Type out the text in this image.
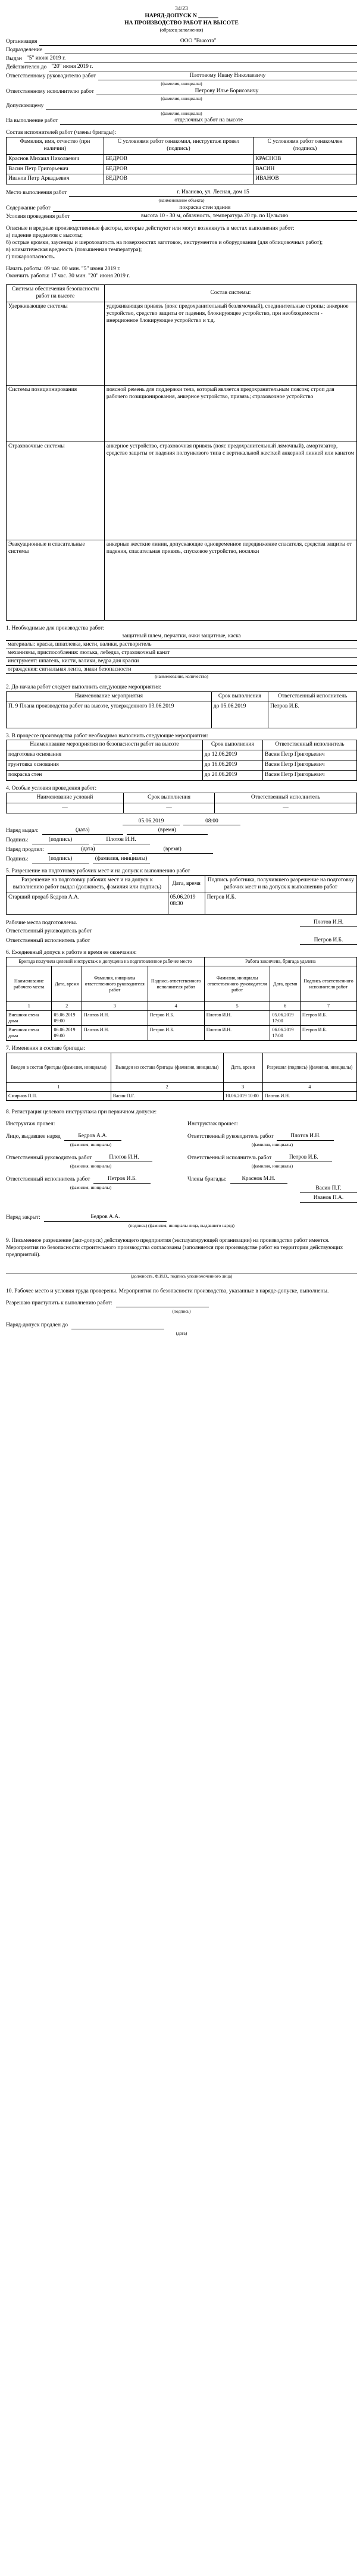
34/23
НАРЯД-ДОПУСК N _______
НА ПРОИЗВОДСТВО РАБОТ НА ВЫСОТЕ
(образец заполнения)
Организация	ООО "Высота"
Подразделение
Выдан "5" июня 2019 г.
Действителен до "20" июня 2019 г.
Ответственному руководителю работ	Плотовому Ивану Николаевичу
(фамилия, инициалы)
Ответственному исполнителю работ	Петрову Илье Борисовичу
(фамилия, инициалы)
Допускающему
(фамилия, инициалы)
На выполнение работ	отделочных работ на высоте
Состав исполнителей работ (члены бригады):
Фамилия, имя, отчество (при наличии)	С условиями работ ознакомил, инструктаж провел (подпись)	С условиями работ ознакомлен (подпись)
Краснов Михаил Николаевич	БЕДРОВ	КРАСНОВ
Васин Петр Григорьевич	БЕДРОВ	ВАСИН
Иванов Петр Аркадьевич	БЕДРОВ	ИВАНОВ
Место выполнения работ	г. Иваново, ул. Лесная, дом 15
(наименование объекта)
Содержание работ	покраска стен здания
Условия проведения работ	высота 10 - 30 м, облачность, температура 20 гр. по Цельсию
Опасные и вредные производственные факторы, которые действуют или могут возникнуть в местах выполнения работ:
а) падение предметов с высоты;
б) острые кромки, заусенцы и шероховатость на поверхностях заготовок, инструментов и оборудования (для облицовочных работ);
в) климатическая вредность (повышенная температура);
г) пожароопасность.
Начать работы: 09 час. 00 мин. "5" июня 2019 г.
Окончить работы: 17 час. 30 мин. "20" июня 2019 г.
Системы обеспечения безопасности работ на высоте	Состав системы:
Удерживающие системы	удерживающая привязь (пояс предохранительный безлямочный), соединительные стропы; анкерное устройство, средство защиты от падения, блокирующее устройство, при необходимости - инерционное блокирующее устройство и т.д.
Системы позиционирования	поясной ремень для поддержки тела, который является предохранительным поясом; строп для рабочего позиционирования, анкерное устройство, привязь; страховочное устройство
Страховочные системы	анкерное устройство, страховочная привязь (пояс предохранительный лямочный), амортизатор, средство защиты от падения ползункового типа с вертикальной жесткой анкерной линией или канатом
Эвакуационные и спасательные системы	анкерные жесткие линии, допускающие одновременное передвижение спасателя, средства защиты от падения, спасательная привязь, спусковое устройство, носилки
1. Необходимые для производства работ:
защитный шлем, перчатки, очки защитные, каска
материалы: краска, шпатлевка, кисти, валики, растворитель
механизмы, приспособления: люлька, лебедка, страховочный канат
инструмент: шпатель, кисти, валики, ведра для краски
ограждения: сигнальная лента, знаки безопасности
(наименование, количество)
2. До начала работ следует выполнить следующие мероприятия:
Наименование мероприятия	Срок выполнения	Ответственный исполнитель
П. 9 Плана производства работ на высоте, утвержденного 03.06.2019	до 05.06.2019	Петров И.Б.
3. В процессе производства работ необходимо выполнить следующие мероприятия:
Наименование мероприятия по безопасности работ на высоте	Срок выполнения	Ответственный исполнитель
подготовка основания	до 12.06.2019	Васин Петр Григорьевич
грунтовка основания	до 16.06.2019	Васин Петр Григорьевич
покраска стен	до 20.06.2019	Васин Петр Григорьевич
4. Особые условия проведения работ:
Наименование условий	Срок выполнения	Ответственный исполнитель
—	—	—
05.06.2019	08:00
Наряд выдал:	(дата)	(время)
Подпись:	(подпись)	Плотов И.Н.
Наряд продлил:	(дата)	(время)
Подпись:	(подпись)	(фамилия, инициалы)
5. Разрешение на подготовку рабочих мест и на допуск к выполнению работ
Разрешение на подготовку рабочих мест и на допуск к выполнению работ выдал (должность, фамилия или подпись)	Дата, время	Подпись работника, получившего разрешение на подготовку рабочих мест и на допуск к выполнению работ
Старший прораб Бедров А.А.	05.06.2019 08:30	Петров И.Б.
Рабочие места подготовлены.	Плотов И.Н.
Ответственный руководитель работ
Ответственный исполнитель работ	Петров И.Б.
6. Ежедневный допуск к работе и время ее окончания:
Бригада получила целевой инструктаж и допущена на подготовленное рабочее место				Работа закончена, бригада удалена		
Наименование рабочего места	Дата, время	Фамилия, инициалы ответственного руководителя работ	Подпись ответственного исполнителя работ	Фамилия, инициалы ответственного руководителя работ	Дата, время	Подпись ответственного исполнителя работ
1	2	3	4	5	6	7
Внешняя стена дома	05.06.2019 09:00	Плотов И.Н.	Петров И.Б.	Плотов И.Н.	05.06.2019 17:00	Петров И.Б.
Внешняя стена дома	06.06.2019 09:00	Плотов И.Н.	Петров И.Б.	Плотов И.Н.	06.06.2019 17:00	Петров И.Б.
7. Изменения в составе бригады:
Введен в состав бригады (фамилия, инициалы)	Выведен из состава бригады (фамилия, инициалы)	Дата, время	Разрешил (подпись) (фамилия, инициалы)
1	2	3	4
Смирнов П.П.	Васин П.Г.	10.06.2019 10:00	Плотов И.Н.
8. Регистрация целевого инструктажа при первичном допуске:
Инструктаж провел:
Лицо, выдавшее наряд	Бедров А.А.
(фамилия, инициалы)
Ответственный руководитель работ	Плотов И.Н.
(фамилия, инициалы)
Ответственный исполнитель работ	Петров И.Б.
(фамилия, инициалы)
Инструктаж прошел:
Ответственный руководитель работ	Плотов И.Н.
(фамилия, инициалы)
Ответственный исполнитель работ	Петров И.Б.
(фамилия, инициалы)
Члены бригады:	Краснов М.Н.
Васин П.Г.
Иванов П.А.
Наряд закрыт:	Бедров А.А.
(подпись) (фамилия, инициалы лица, выдавшего наряд)
9. Письменное разрешение (акт-допуск) действующего предприятия (эксплуатирующей организации) на производство работ имеется. Мероприятия по безопасности строительного производства согласованы (заполняется при производстве работ на территории действующих предприятий).
(должность, Ф.И.О., подпись уполномоченного лица)
10. Рабочее место и условия труда проверены. Мероприятия по безопасности производства, указанные в наряде-допуске, выполнены.
Разрешаю приступить к выполнению работ:
(подпись)
Наряд-допуск продлен до
(дата)
